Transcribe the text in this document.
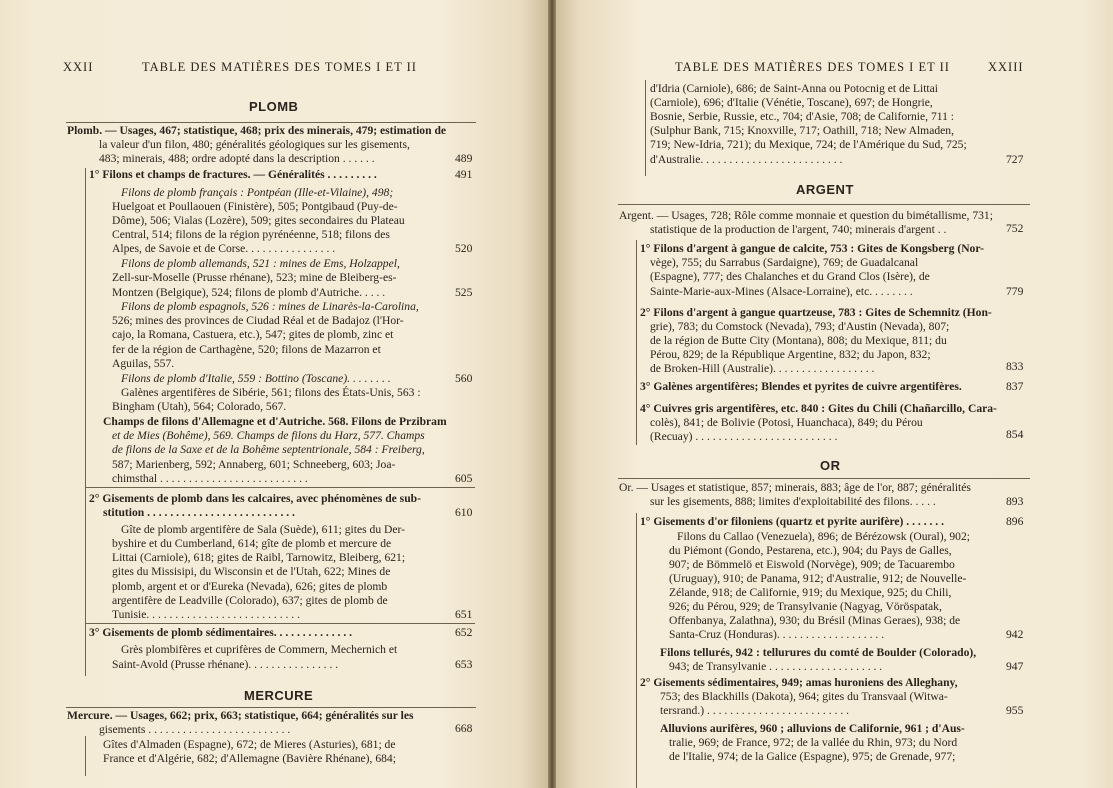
XXII	TABLE DES MATIÈRES DES TOMES I ET II
PLOMB
Plomb. — Usages, 467; statistique, 468; prix des minerais, 479; estimation de
la valeur d'un filon, 480; généralités géologiques sur les gisements,
483; minerais, 488; ordre adopté dans la description . . . . . .	489
1° Filons et champs de fractures. — Généralités . . . . . . . . .	491
Filons de plomb français : Pontpéan (Ille-et-Vilaine), 498;
Huelgoat et Poullaouen (Finistère), 505; Pontgibaud (Puy-de-
Dôme), 506; Vialas (Lozère), 509; gites secondaires du Plateau
Central, 514; filons de la région pyrénéenne, 518; filons des
Alpes, de Savoie et de Corse. . . . . . . . . . . . . . . .	520
Filons de plomb allemands, 521 : mines de Ems, Holzappel,
Zell-sur-Moselle (Prusse rhénane), 523; mine de Bleiberg-es-
Montzen (Belgique), 524; filons de plomb d'Autriche. . . . .	525
Filons de plomb espagnols, 526 : mines de Linarès-la-Carolina,
526; mines des provinces de Ciudad Réal et de Badajoz (l'Hor-
cajo, la Romana, Castuera, etc.), 547; gites de plomb, zinc et
fer de la région de Carthagène, 520; filons de Mazarron et
Aguilas, 557.
Filons de plomb d'Italie, 559 : Bottino (Toscane). . . . . . . .	560
Galènes argentifères de Sibérie, 561; filons des États-Unis, 563 :
Bingham (Utah), 564; Colorado, 567.
Champs de filons d'Allemagne et d'Autriche. 568. Filons de Przibram
et de Mies (Bohême), 569. Champs de filons du Harz, 577. Champs
de filons de la Saxe et de la Bohême septentrionale, 584 : Freiberg,
587; Marienberg, 592; Annaberg, 601; Schneeberg, 603; Joa-
chimsthal . . . . . . . . . . . . . . . . . . . . . . . . . .	605
2° Gisements de plomb dans les calcaires, avec phénomènes de sub-
stitution . . . . . . . . . . . . . . . . . . . . . . . . . .	610
Gîte de plomb argentifère de Sala (Suède), 611; gites du Der-
byshire et du Cumberland, 614; gîte de plomb et mercure de
Littai (Carniole), 618; gites de Raibl, Tarnowitz, Bleiberg, 621;
gites du Missisipi, du Wisconsin et de l'Utah, 622; Mines de
plomb, argent et or d'Eureka (Nevada), 626; gites de plomb
argentifère de Leadville (Colorado), 637; gites de plomb de
Tunisie. . . . . . . . . . . . . . . . . . . . . . . . . . .	651
3° Gisements de plomb sédimentaires. . . . . . . . . . . . . .	652
Grès plombifères et cuprifères de Commern, Mechernich et
Saint-Avold (Prusse rhénane). . . . . . . . . . . . . . . .	653
MERCURE
Mercure. — Usages, 662; prix, 663; statistique, 664; généralités sur les
gisements . . . . . . . . . . . . . . . . . . . . . . . . .	668
Gîtes d'Almaden (Espagne), 672; de Mieres (Asturies), 681; de
France et d'Algérie, 682; d'Allemagne (Bavière Rhénane), 684;
TABLE DES MATIÈRES DES TOMES I ET II	XXIII
d'Idria (Carniole), 686; de Saint-Anna ou Potocnig et de Littai
(Carniole), 696; d'Italie (Vénétie, Toscane), 697; de Hongrie,
Bosnie, Serbie, Russie, etc., 704; d'Asie, 708; de Californie, 711 :
(Sulphur Bank, 715; Knoxville, 717; Oathill, 718; New Almaden,
719; New-Idria, 721); du Mexique, 724; de l'Amérique du Sud, 725;
d'Australie. . . . . . . . . . . . . . . . . . . . . . . . .	727
ARGENT
Argent. — Usages, 728; Rôle comme monnaie et question du bimétallisme, 731;
statistique de la production de l'argent, 740; minerais d'argent . .	752
1° Filons d'argent à gangue de calcite, 753 : Gites de Kongsberg (Nor-
vège), 755; du Sarrabus (Sardaigne), 769; de Guadalcanal
(Espagne), 777; des Chalanches et du Grand Clos (Isère), de
Sainte-Marie-aux-Mines (Alsace-Lorraine), etc. . . . . . . .	779
2° Filons d'argent à gangue quartzeuse, 783 : Gites de Schemnitz (Hon-
grie), 783; du Comstock (Nevada), 793; d'Austin (Nevada), 807;
de la région de Butte City (Montana), 808; du Mexique, 811; du
Pérou, 829; de la République Argentine, 832; du Japon, 832;
de Broken-Hill (Australie). . . . . . . . . . . . . . . . . .	833
3° Galènes argentifères; Blendes et pyrites de cuivre argentifères.	837
4° Cuivres gris argentifères, etc. 840 : Gites du Chili (Chañarcillo, Cara-
colès), 841; de Bolivie (Potosi, Huanchaca), 849; du Pérou
(Recuay) . . . . . . . . . . . . . . . . . . . . . . . . .	854
OR
Or. — Usages et statistique, 857; minerais, 883; âge de l'or, 887; généralités
sur les gisements, 888; limites d'exploitabilité des filons. . . . .	893
1° Gisements d'or filoniens (quartz et pyrite aurifère) . . . . . . .	896
Filons du Callao (Venezuela), 896; de Bérézowsk (Oural), 902;
du Piémont (Gondo, Pestarena, etc.), 904; du Pays de Galles,
907; de Bömmelö et Eiswold (Norvège), 909; de Tacuarembo
(Uruguay), 910; de Panama, 912; d'Australie, 912; de Nouvelle-
Zélande, 918; de Californie, 919; du Mexique, 925; du Chili,
926; du Pérou, 929; de Transylvanie (Nagyag, Vöröspatak,
Offenbanya, Zalathna), 930; du Brésil (Minas Geraes), 938; de
Santa-Cruz (Honduras). . . . . . . . . . . . . . . . . . .	942
Filons tellurés, 942 : tellurures du comté de Boulder (Colorado),
943; de Transylvanie . . . . . . . . . . . . . . . . . . . .	947
2° Gisements sédimentaires, 949; amas huroniens des Alleghany,
753; des Blackhills (Dakota), 964; gites du Transvaal (Witwa-
tersrand.) . . . . . . . . . . . . . . . . . . . . . . . . .	955
Alluvions aurifères, 960 ; alluvions de Californie, 961 ; d'Aus-
tralie, 969; de France, 972; de la vallée du Rhin, 973; du Nord
de l'Italie, 974; de la Galice (Espagne), 975; de Grenade, 977;
